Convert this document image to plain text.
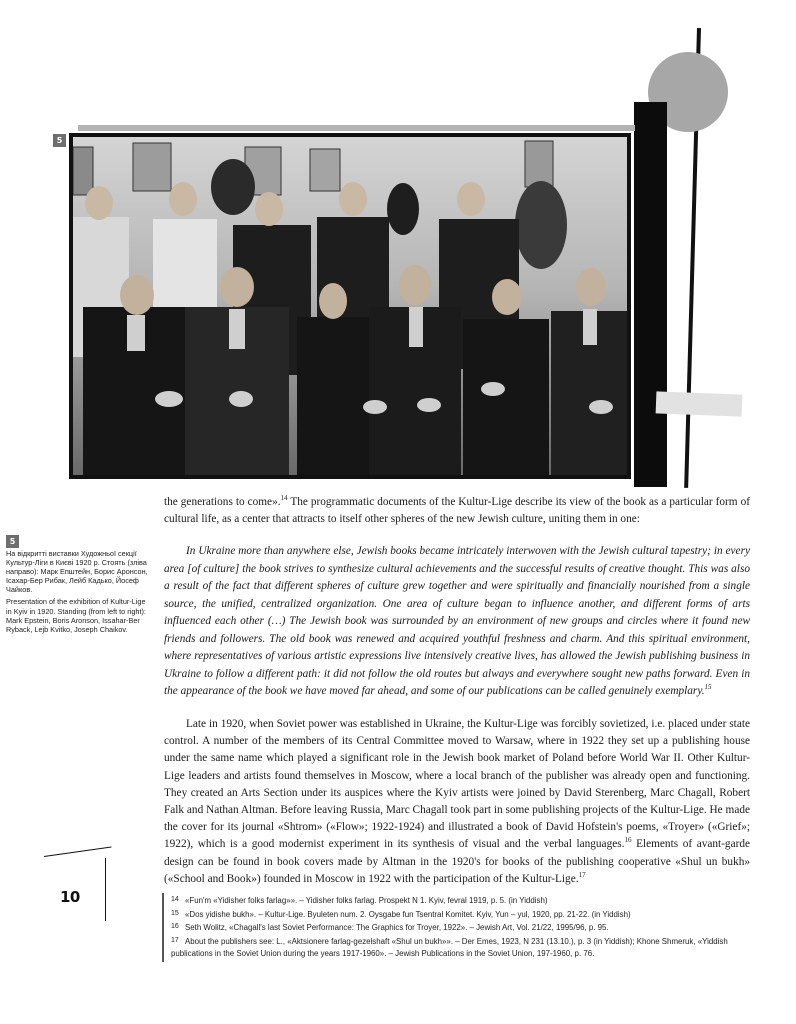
5
5

На відкритті виставки Художньої секції Культур-Ліги в Києві 1920 р. Стоять (зліва направо): Марк Епштейн, Борис Аронсон, Ісахар-Бер Рибак, Лейб Кадько, Йосеф Чайков.

Presentation of the exhibition of Kultur-Lige in Kyiv in 1920. Standing (from left to right): Mark Epstein, Boris Aronson, Issahar-Ber Ryback, Lejb Kvitko, Joseph Chaikov.

the generations to come».$^{14}$ The programmatic documents of the Kultur-Lige describe its view of the book as a particular form of cultural life, as a center that attracts to itself other spheres of the new Jewish culture, uniting them in one:

In Ukraine more than anywhere else, Jewish books became intricately interwoven with the Jewish cultural tapestry; in every area [of culture] the book strives to synthesize cultural achievements and the successful results of creative thought. This was also a result of the fact that different spheres of culture grew together and were spiritually and financially nourished from a single source, the unified, centralized organization. One area of culture began to influence another, and different forms of arts influenced each other (…) The Jewish book was surrounded by an environment of new groups and circles where it found new friends and followers. The old book was renewed and acquired youthful freshness and charm. And this spiritual environment, where representatives of various artistic expressions live intensively creative lives, has allowed the Jewish publishing business in Ukraine to follow a different path: it did not follow the old routes but always and everywhere sought new paths forward. Even in the appearance of the book we have moved far ahead, and some of our publications can be called genuinely exemplary.$^{15}$

Late in 1920, when Soviet power was established in Ukraine, the Kultur-Lige was forcibly sovietized, i.e. placed under state control. A number of the members of its Central Committee moved to Warsaw, where in 1922 they set up a publishing house under the same name which played a significant role in the Jewish book market of Poland before World War II. Other Kultur-Lige leaders and artists found themselves in Moscow, where a local branch of the publisher was already open and functioning. They created an Arts Section under its auspices where the Kyiv artists were joined by David Sterenberg, Marc Chagall, Robert Falk and Nathan Altman. Before leaving Russia, Marc Chagall took part in some publishing projects of the Kultur-Lige. He made the cover for its journal «Shtrom» («Flow»; 1922-1924) and illustrated a book of David Hofstein's poems, «Troyer» («Grief»; 1922), which is a good modernist experiment in its synthesis of visual and the verbal languages.$^{16}$ Elements of avant-garde design can be found in book covers made by Altman in the 1920's for books of the publishing cooperative «Shul un bukh» («School and Book») founded in Moscow in 1922 with the participation of the Kultur-Lige.$^{17}$

14 «Fun'm «Yidisher folks farlag»». – Yidisher folks farlag. Prospekt N 1. Kyiv, fevral 1919, p. 5. (in Yiddish)
15 «Dos yidishe bukh». – Kultur-Lige. Byuleten num. 2. Oysgabe fun Tsentral Komitet. Kyiv, Yun – yul, 1920, pp. 21-22. (in Yiddish)
16 Seth Wolitz, «Chagall's last Soviet Performance: The Graphics for Troyer, 1922». – Jewish Art, Vol. 21/22, 1995/96, p. 95.
17 About the publishers see: L., «Aktsionere farlag-gezelshaft «Shul un bukh»». – Der Emes, 1923, N 231 (13.10.), p. 3 (in Yiddish); Khone Shmeruk, «Yiddish publications in the Soviet Union during the years 1917-1960». – Jewish Publications in the Soviet Union, 197-1960, p. 76.
10
